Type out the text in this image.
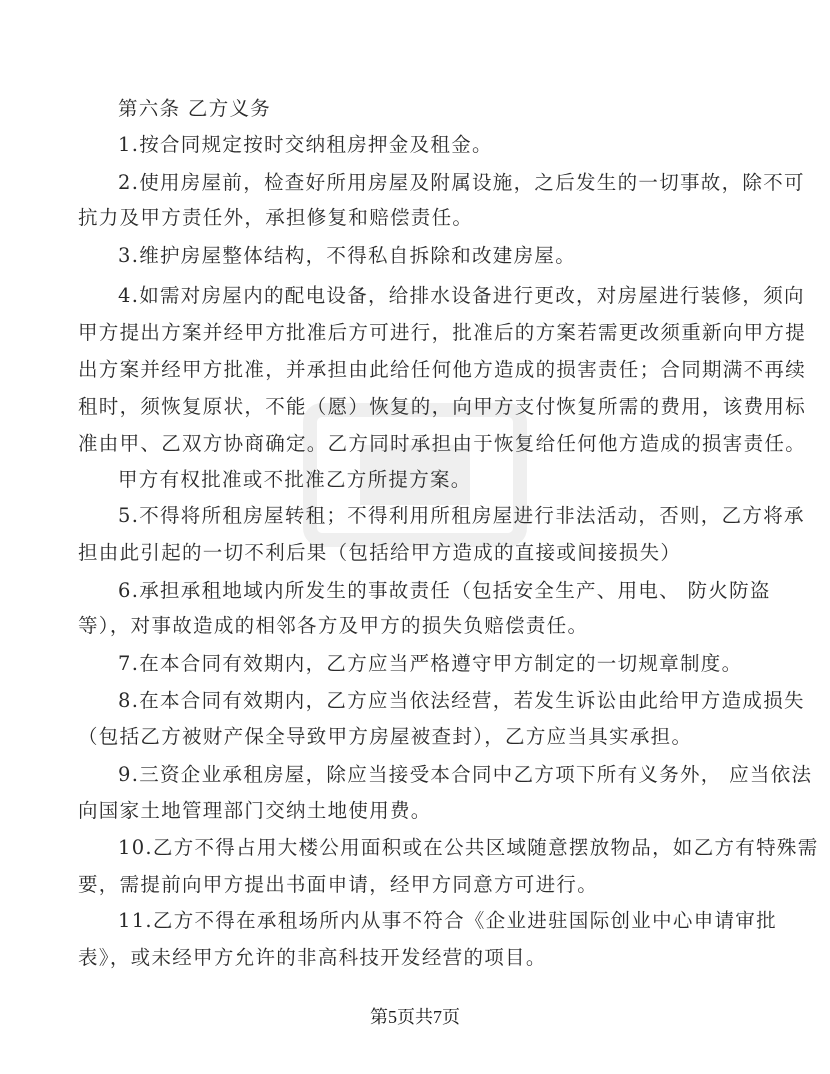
第六条 乙方义务
1.按合同规定按时交纳租房押金及租金。
2.使用房屋前，检查好所用房屋及附属设施，之后发生的一切事故，除不可
抗力及甲方责任外，承担修复和赔偿责任。
3.维护房屋整体结构，不得私自拆除和改建房屋。
4.如需对房屋内的配电设备，给排水设备进行更改，对房屋进行装修，须向
甲方提出方案并经甲方批准后方可进行，批准后的方案若需更改须重新向甲方提
出方案并经甲方批准，并承担由此给任何他方造成的损害责任；合同期满不再续
租时，须恢复原状，不能（愿）恢复的，向甲方支付恢复所需的费用，该费用标
准由甲、乙双方协商确定。乙方同时承担由于恢复给任何他方造成的损害责任。
甲方有权批准或不批准乙方所提方案。
5.不得将所租房屋转租；不得利用所租房屋进行非法活动，否则，乙方将承
担由此引起的一切不利后果（包括给甲方造成的直接或间接损失）
6.承担承租地域内所发生的事故责任（包括安全生产、用电、 防火防盗
等），对事故造成的相邻各方及甲方的损失负赔偿责任。
7.在本合同有效期内，乙方应当严格遵守甲方制定的一切规章制度。
8.在本合同有效期内，乙方应当依法经营，若发生诉讼由此给甲方造成损失
（包括乙方被财产保全导致甲方房屋被查封），乙方应当具实承担。
9.三资企业承租房屋，除应当接受本合同中乙方项下所有义务外， 应当依法
向国家土地管理部门交纳土地使用费。
10.乙方不得占用大楼公用面积或在公共区域随意摆放物品，如乙方有特殊需
要，需提前向甲方提出书面申请，经甲方同意方可进行。
11.乙方不得在承租场所内从事不符合《企业进驻国际创业中心申请审批
表》，或未经甲方允许的非高科技开发经营的项目。
第5页共7页
